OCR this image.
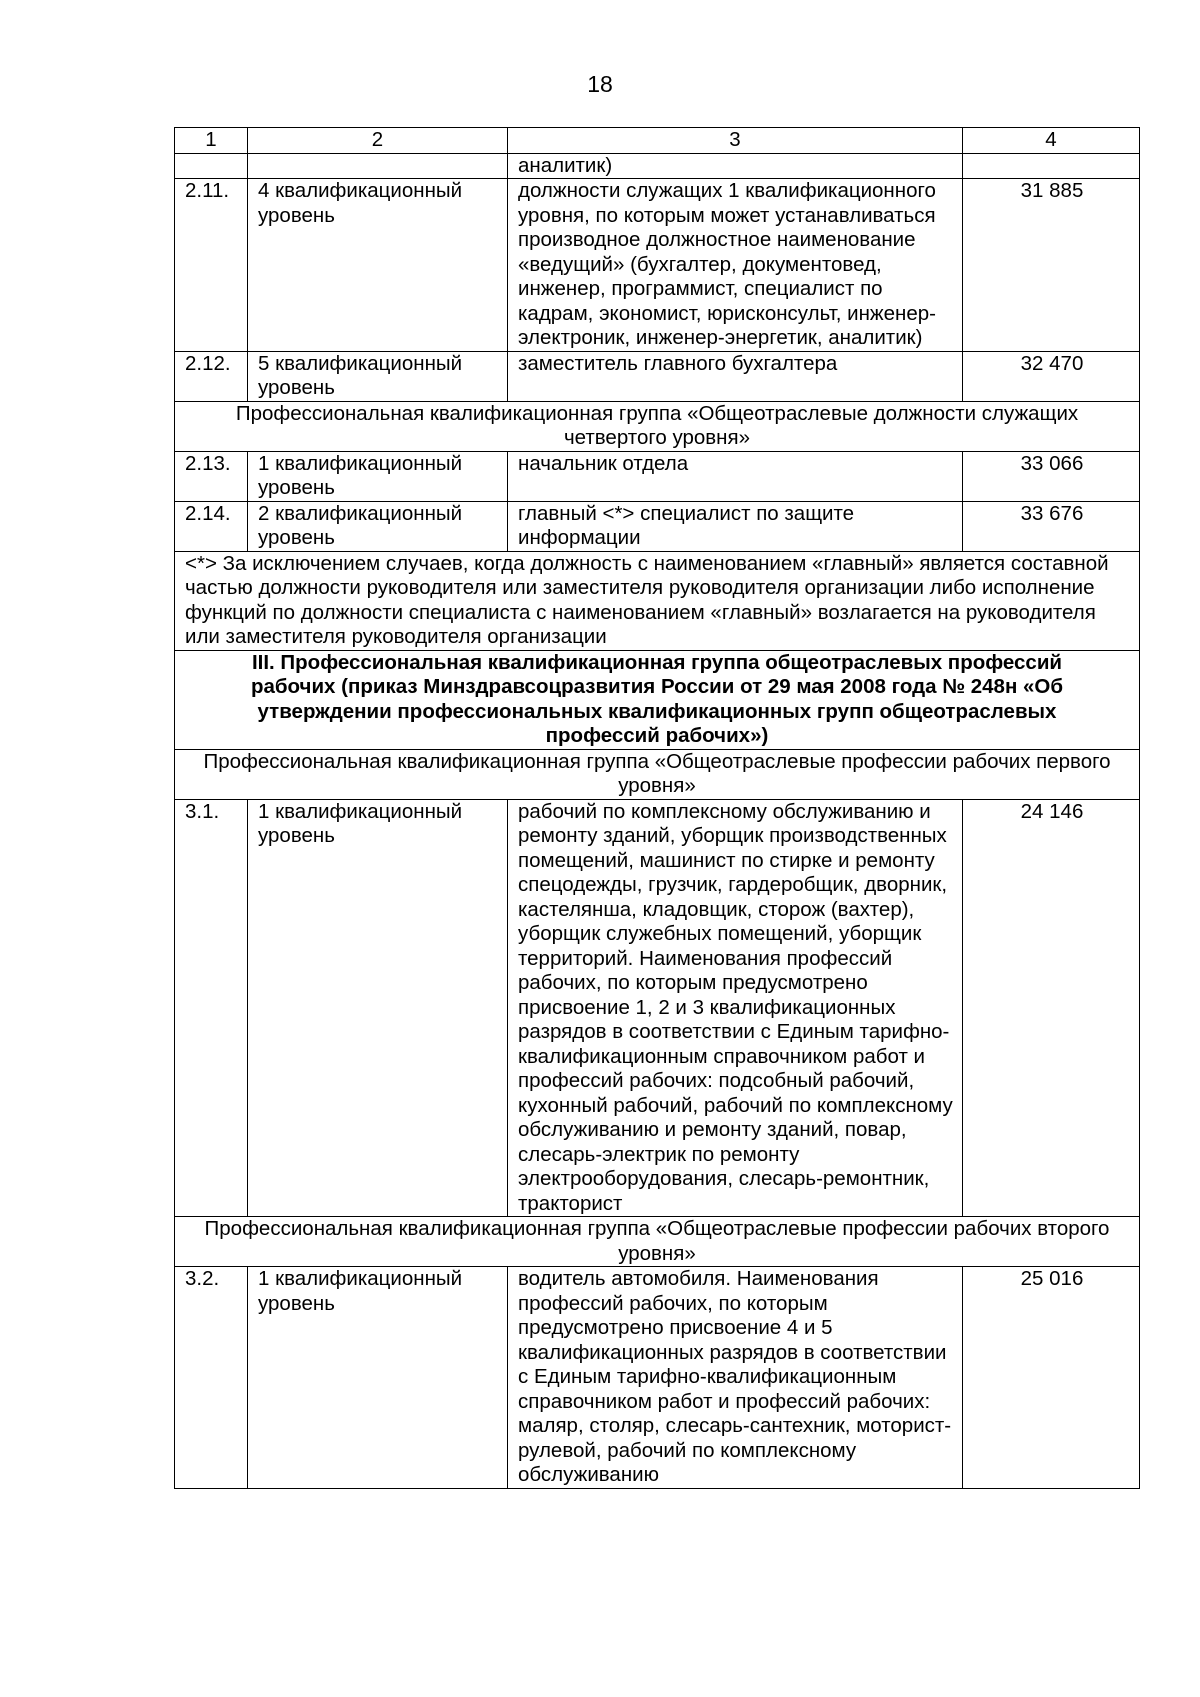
18
1	2	3	4
		аналитик)	
2.11.	4 квалификационный уровень	должности служащих 1 квалификационного уровня, по которым может устанавливаться производное должностное наименование «ведущий» (бухгалтер, документовед, инженер, программист, специалист по кадрам, экономист, юрисконсульт, инженер-электроник, инженер-энергетик, аналитик)	31 885
2.12.	5 квалификационный уровень	заместитель главного бухгалтера	32 470
Профессиональная квалификационная группа «Общеотраслевые должности служащих четвертого уровня»			
2.13.	1 квалификационный уровень	начальник отдела	33 066
2.14.	2 квалификационный уровень	главный <*> специалист по защите информации	33 676
<*> За исключением случаев, когда должность с наименованием «главный» является составной частью должности руководителя или заместителя руководителя организации либо исполнение функций по должности специалиста с наименованием «главный» возлагается на руководителя или заместителя руководителя организации			
III. Профессиональная квалификационная группа общеотраслевых профессий рабочих (приказ Минздравсоцразвития России от 29 мая 2008 года № 248н «Об утверждении профессиональных квалификационных групп общеотраслевых профессий рабочих»)			
Профессиональная квалификационная группа «Общеотраслевые профессии рабочих первого уровня»			
3.1.	1 квалификационный уровень	рабочий по комплексному обслуживанию и ремонту зданий, уборщик производственных помещений, машинист по стирке и ремонту спецодежды, грузчик, гардеробщик, дворник, кастелянша, кладовщик, сторож (вахтер), уборщик служебных помещений, уборщик территорий. Наименования профессий рабочих, по которым предусмотрено присвоение 1, 2 и 3 квалификационных разрядов в соответствии с Единым тарифно-квалификационным справочником работ и профессий рабочих: подсобный рабочий, кухонный рабочий, рабочий по комплексному обслуживанию и ремонту зданий, повар, слесарь-электрик по ремонту электрооборудования, слесарь-ремонтник, тракторист	24 146
Профессиональная квалификационная группа «Общеотраслевые профессии рабочих второго уровня»			
3.2.	1 квалификационный уровень	водитель автомобиля. Наименования профессий рабочих, по которым предусмотрено присвоение 4 и 5 квалификационных разрядов в соответствии с Единым тарифно-квалификационным справочником работ и профессий рабочих: маляр, столяр, слесарь-сантехник, моторист-рулевой, рабочий по комплексному обслуживанию	25 016
